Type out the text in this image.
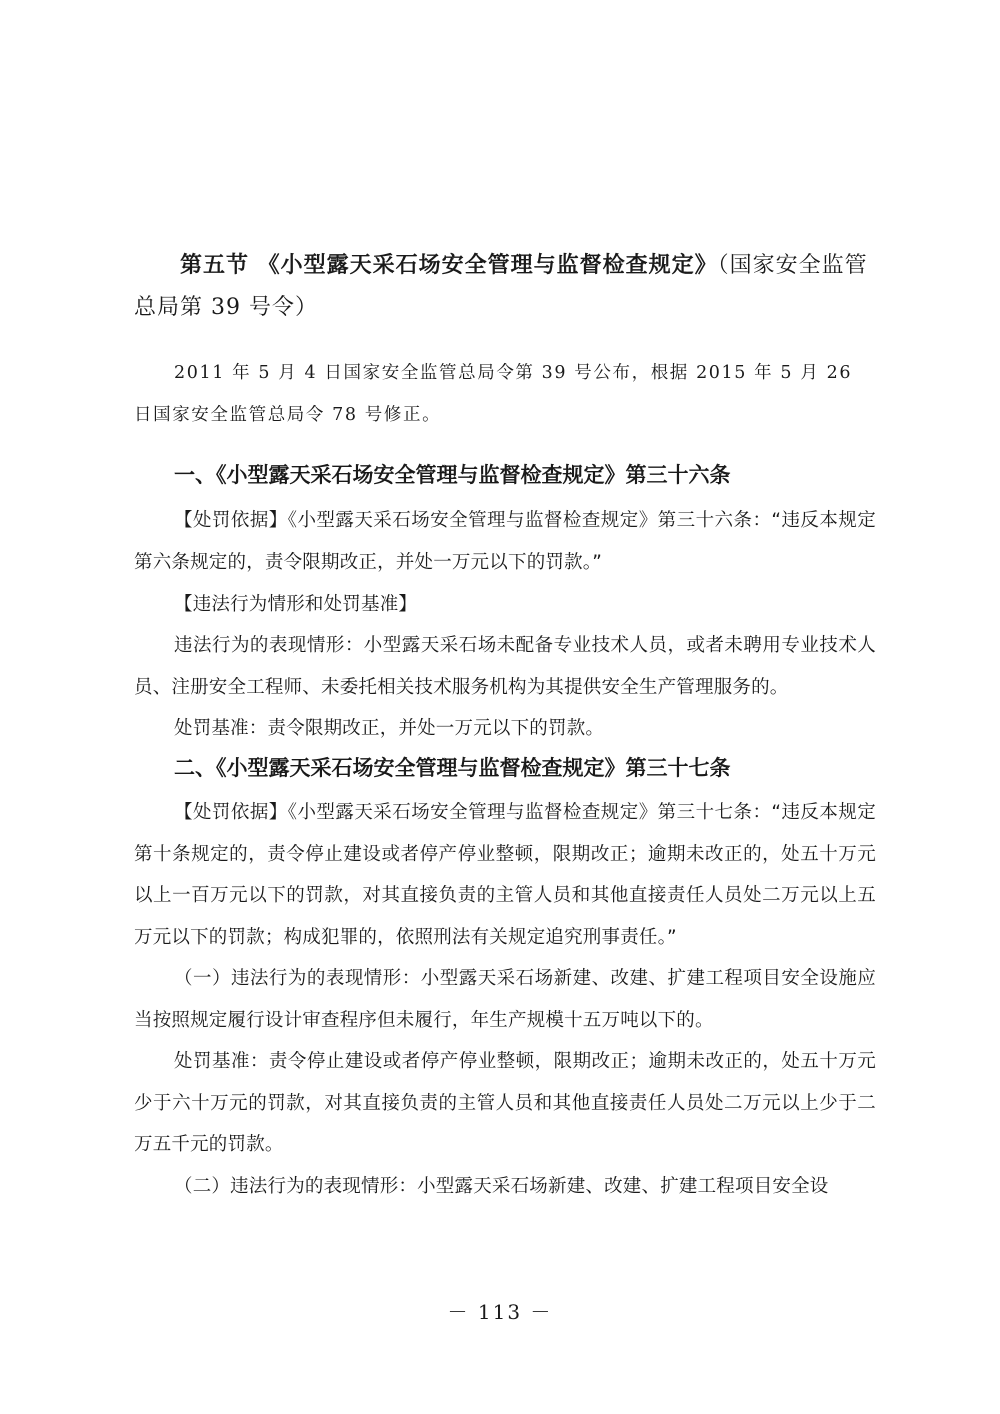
第五节 《小型露天采石场安全管理与监督检查规定》（国家安全监管总局第 39 号令）

2011 年 5 月 4 日国家安全监管总局令第 39 号公布，根据 2015 年 5 月 26 日国家安全监管总局令 78 号修正。

一、《小型露天采石场安全管理与监督检查规定》第三十六条

【处罚依据】《小型露天采石场安全管理与监督检查规定》第三十六条：“违反本规定第六条规定的，责令限期改正，并处一万元以下的罚款。”

【违法行为情形和处罚基准】

违法行为的表现情形：小型露天采石场未配备专业技术人员，或者未聘用专业技术人员、注册安全工程师、未委托相关技术服务机构为其提供安全生产管理服务的。

处罚基准：责令限期改正，并处一万元以下的罚款。

二、《小型露天采石场安全管理与监督检查规定》第三十七条

【处罚依据】《小型露天采石场安全管理与监督检查规定》第三十七条：“违反本规定第十条规定的，责令停止建设或者停产停业整顿，限期改正；逾期未改正的，处五十万元以上一百万元以下的罚款，对其直接负责的主管人员和其他直接责任人员处二万元以上五万元以下的罚款；构成犯罪的，依照刑法有关规定追究刑事责任。”

（一）违法行为的表现情形：小型露天采石场新建、改建、扩建工程项目安全设施应当按照规定履行设计审查程序但未履行，年生产规模十五万吨以下的。

处罚基准：责令停止建设或者停产停业整顿，限期改正；逾期未改正的，处五十万元少于六十万元的罚款，对其直接负责的主管人员和其他直接责任人员处二万元以上少于二万五千元的罚款。

（二）违法行为的表现情形：小型露天采石场新建、改建、扩建工程项目安全设

－ 113 －
